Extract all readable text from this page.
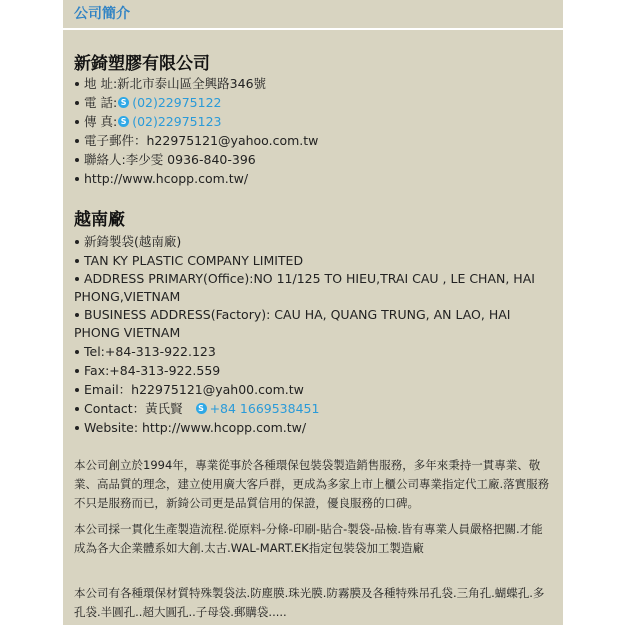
公司簡介
新錡塑膠有限公司
地 址:新北市泰山區全興路346號
電 話: S (02)22975122
傳 真: S (02)22975123
電子郵件：h22975121@yahoo.com.tw
聯絡人:李少雯 0936-840-396
http://www.hcopp.com.tw/
越南廠
新錡製袋(越南廠)
TAN KY PLASTIC COMPANY LIMITED
ADDRESS PRIMARY(Office):NO 11/125 TO HIEU,TRAI CAU , LE CHAN, HAI PHONG,VIETNAM
BUSINESS ADDRESS(Factory): CAU HA, QUANG TRUNG, AN LAO, HAI PHONG VIETNAM
Tel:+84-313-922.123
Fax:+84-313-922.559
Email：h22975121@yah00.com.tw
Contact：黃氏賢 S +84 1669538451
Website: http://www.hcopp.com.tw/

本公司創立於1994年，專業從事於各種環保包裝袋製造銷售服務，多年來秉持一貫專業、敬業、高品質的理念，建立使用廣大客戶群，更成為多家上市上櫃公司專業指定代工廠.落實服務不只是服務而已，新錡公司更是品質信用的保證，優良服務的口碑。

本公司採一貫化生產製造流程.從原料-分條-印刷-貼合-製袋-品檢.皆有專業人員嚴格把關.才能成為各大企業體系如大創.太古.WAL-MART.EK指定包裝袋加工製造廠

本公司有各種環保材質特殊製袋法.防塵膜.珠光膜.防霧膜及各種特殊吊孔袋.三角孔.蝴蝶孔.多孔袋.半圓孔..超大圓孔..子母袋.郵購袋.....
